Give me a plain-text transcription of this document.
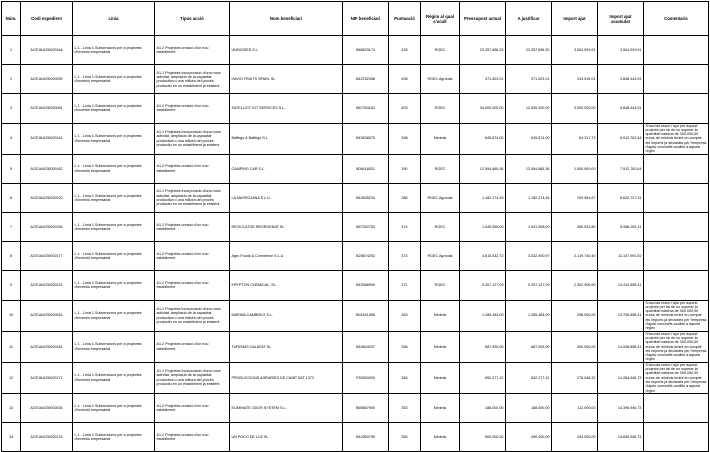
Núm.	Codi expedient	Línia	Tipus acció	Nom beneficiari	NIF beneficiari	Puntuació	Règim al qual s'acull	Pressupost actual	A justificar	Import ajut	Import ajut acumulat	Comentaris
1	ACE164/25/000164	L.1 - Línia 1.Subvencions per a projectes d'inversió empresarial	A1.2 Projectes creació d'un nou establiment	UNFASSES S.L.	B65633174	439	RGEC	23.357.696,29	23.357.696,30	3.504.929,91	3.504.929,91	
2	ACE164/25/000259	L.1 - Línia 1.Subvencions per a projectes d'inversió empresarial	A1.1 Projectes incorporació d'una nova activitat, ampliació de la capacitat productiva o una millora del procés productiu en un establiment ja existent	HAVIO FRUITS SPAIN, SL	B43782358	408	RGEC Agrícola	371.523,01	371.523,01	343.515,01	3.848.444,91	
3	ACE164/25/000081	L.1 - Línia 1.Subvencions per a projectes d'inversió empresarial	A1.2 Projectes creació d'un nou establiment	SATELLIOT IOT SERVICES S.L.	B67334163	403	RGEC	34.000.000,00	12.000.000,00	3.000.000,00	6.848.444,91	
4	ACE164/25/000161	L.1 - Línia 1.Subvencions per a projectes d'inversió empresarial	A1.1 Projectes incorporació d'una nova activitat, ampliació de la capacitat productiva o una millora del procés productiu en un establiment ja existent	Baffego & Baffego S.L	B43638075	398	Minimis	645.874,00	645.874,00	64.317,73	6.912.762,64	S'acorda reduir l'ajut per aquest projecte per tal de no superar la quantitat màxima de 300.000,00 euros de minimis tenint en compte els imports ja declarats per l'empresa d'ajuts concedits acollits a aquest règim
5	ACE164/25/000162	L.1 - Línia 1.Subvencions per a projectes d'inversió empresarial	A1.2 Projectes creació d'un nou establiment	CAMPING CAR S.L.	B08416521	390	RGEC	12.594.665,36	12.594.665,36	1.000.000,00	7.912.762,64	
6	ACE164/25/000220	L.1 - Línia 1.Subvencions per a projectes d'inversió empresarial	A1.1 Projectes incorporació d'una nova activitat, ampliació de la capacitat productiva o una millora del procés productiu en un establiment ja existent	LA MASROJANA S.L.U.	B43635234	386	RGEC Agrícola	1.182.274,45	1.182.274,45	709.964,67	8.622.727,31	
7	ACE164/25/000156	L.1 - Línia 1.Subvencions per a projectes d'inversió empresarial	A1.2 Projectes creació d'un nou establiment	RECICLATGE REORGENAT SL	B67392753	374	RGEC	1.045.598,00	1.041.598,00	365.523,80	8.988.251,11	
8	ACE164/25/000177	L.1 - Línia 1.Subvencions per a projectes d'inversió empresarial	A1.2 Projectes creació d'un nou establiment	Agro Foods & Commerce S.L.U	B25674292	374	RGEC Agrícola	3.615.532,72	3.532.900,97	2.119.740,40	11.107.991,52	
9	ACE164/25/000221	L.1 - Línia 1.Subvencions per a projectes d'inversió empresarial	A1.2 Projectes creació d'un nou establiment	KRYPTON CHEMICAL, SL	B43088990	371	RGEC	9.207.127,09	9.207.127,09	2.302.906,90	13.410.898,41	
10	ACE164/25/000044	L.1 - Línia 1.Subvencions per a projectes d'inversió empresarial	A1.1 Projectes incorporació d'una nova activitat, ampliació de la capacitat productiva o una millora del procés productiu en un establiment ja existent	MARINA CAMBRILS S.L.	B01631858	363	Minimis	1.285.484,00	1.285.484,00	298.000,00	13.708.898,41	S'acorda reduir l'ajut per aquest projecte per tal de no superar la quantitat màxima de 300.000,00 euros de minimis tenint en compte els imports ja declarats per l'empresa d'ajuts concedits acollits a aquest règim
11	ACE164/25/000181	L.1 - Línia 1.Subvencions per a projectes d'inversió empresarial	A1.2 Projectes creació d'un nou establiment	TURISMO CALAFAT SL	B44604037	356	Minimis	687.925,00	687.925,00	300.000,00	14.008.898,41	S'acorda reduir l'ajut per aquest projecte per tal de no superar la quantitat màxima de 300.000,00 euros de minimis tenint en compte els imports ja declarats per l'empresa d'ajuts concedits acollits a aquest règim
12	ACE164/25/000171	L.1 - Línia 1.Subvencions per a projectes d'inversió empresarial	A1.1 Projectes incorporació d'una nova activitat, ampliació de la capacitat productiva o una millora del procés productiu en un establiment ja existent	PRODUCCIONS AGRARIES DE CAMP SAT 1373	F35390000	354	Minimis	652.277,12	652.277,12	275.048,32	14.284.946,73	S'acorda reduir l'ajut per aquest projecte per tal de no superar la quantitat màxima de 300.000,00 euros de minimis tenint en compte els imports ja declarats per l'empresa d'ajuts concedits acollits a aquest règim
13	ACE164/25/000034	L.1 - Línia 1.Subvencions per a projectes d'inversió empresarial	A1.2 Projectes creació d'un nou establiment	ELIMINATE ODOR SYSTEM S.L.	B55667900	353	Minimis	188.000,00	188.000,00	112.000,00	14.396.946,73	
14	ACE164/25/000133	L.1 - Línia 1.Subvencions per a projectes d'inversió empresarial	A1.2 Projectes creació d'un nou establiment	UN POCO DE LUZ SL	B42950790	350	Minimis	500.000,00	490.000,00	294.000,00	14.690.946,73	
